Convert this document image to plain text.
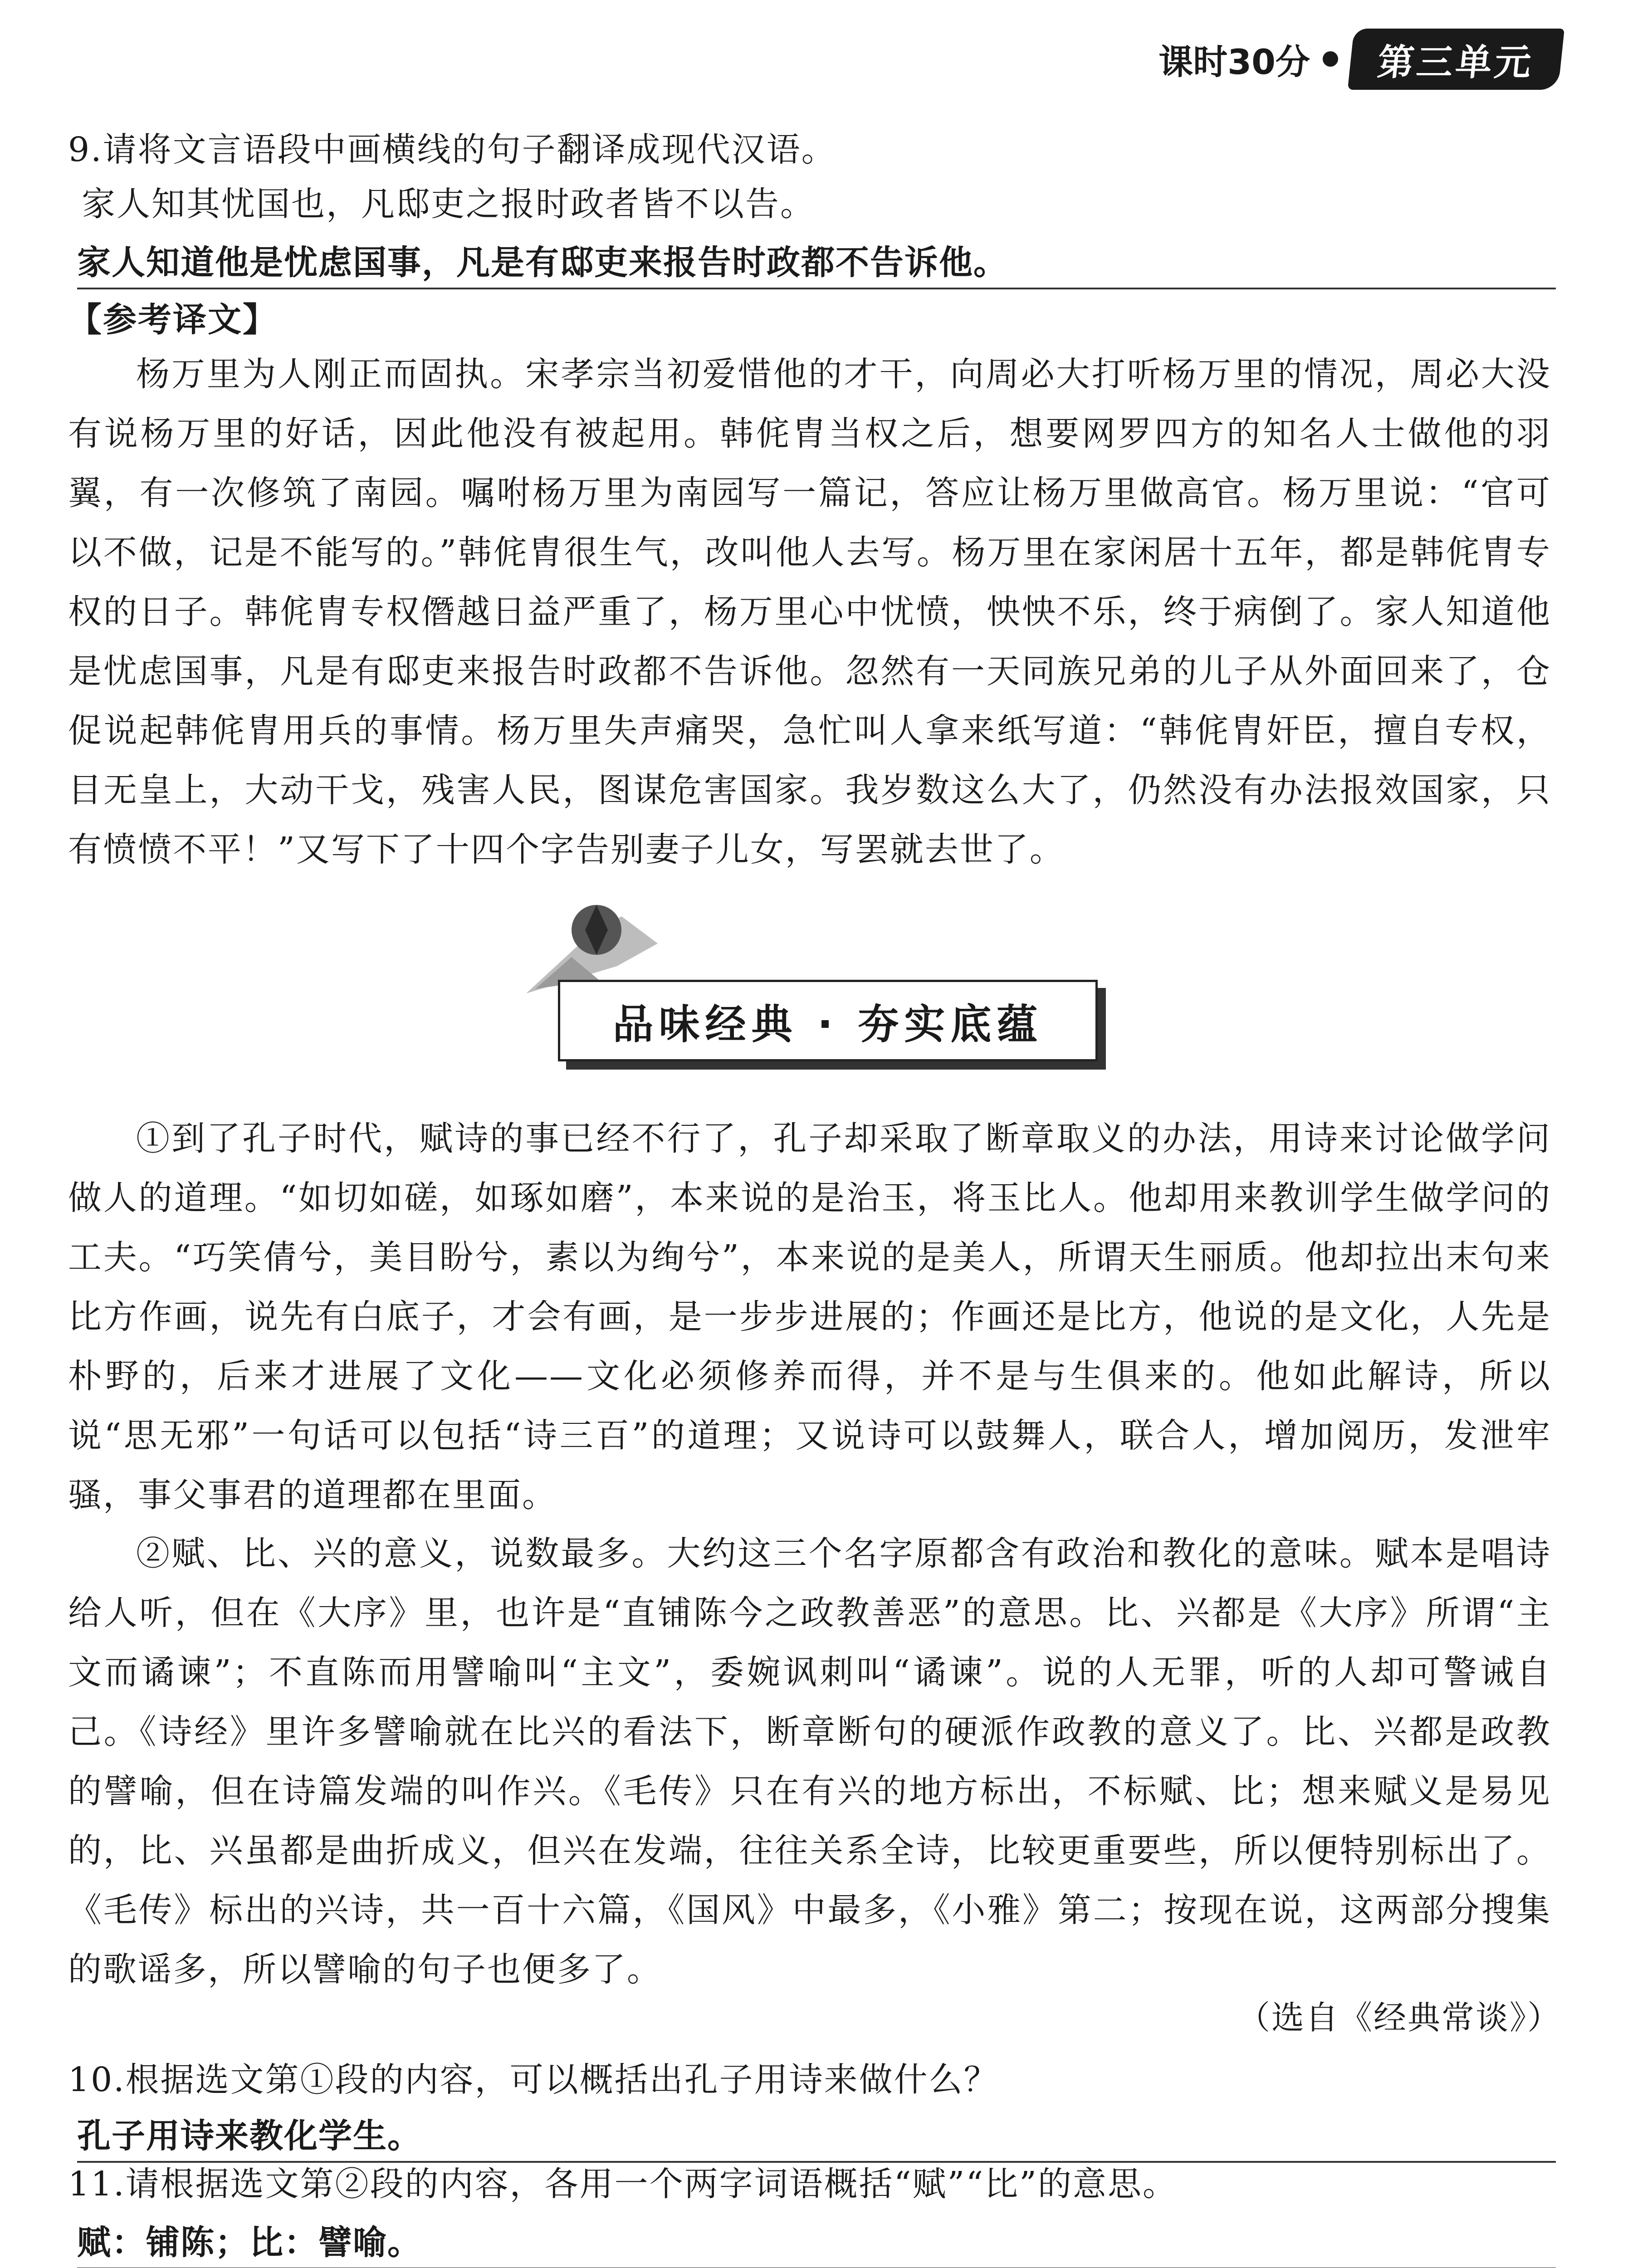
课时30分	第三单元
9.请将文言语段中画横线的句子翻译成现代汉语。
家人知其忧国也，凡邸吏之报时政者皆不以告。
家人知道他是忧虑国事，凡是有邸吏来报告时政都不告诉他。
【参考译文】

杨万里为人刚正而固执。宋孝宗当初爱惜他的才干，向周必大打听杨万里的情况，周必大没有说杨万里的好话，因此他没有被起用。韩侂胄当权之后，想要网罗四方的知名人士做他的羽翼，有一次修筑了南园。嘱咐杨万里为南园写一篇记，答应让杨万里做高官。杨万里说：“官可以不做，记是不能写的。”韩侂胄很生气，改叫他人去写。杨万里在家闲居十五年，都是韩侂胄专权的日子。韩侂胄专权僭越日益严重了，杨万里心中忧愤，怏怏不乐，终于病倒了。家人知道他是忧虑国事，凡是有邸吏来报告时政都不告诉他。忽然有一天同族兄弟的儿子从外面回来了，仓促说起韩侂胄用兵的事情。杨万里失声痛哭，急忙叫人拿来纸写道：“韩侂胄奸臣，擅自专权，目无皇上，大动干戈，残害人民，图谋危害国家。我岁数这么大了，仍然没有办法报效国家，只有愤愤不平！”又写下了十四个字告别妻子儿女，写罢就去世了。

品味经典 · 夯实底蕴

①到了孔子时代，赋诗的事已经不行了，孔子却采取了断章取义的办法，用诗来讨论做学问做人的道理。“如切如磋，如琢如磨”，本来说的是治玉，将玉比人。他却用来教训学生做学问的工夫。“巧笑倩兮，美目盼兮，素以为绚兮”，本来说的是美人，所谓天生丽质。他却拉出末句来比方作画，说先有白底子，才会有画，是一步步进展的；作画还是比方，他说的是文化，人先是朴野的，后来才进展了文化——文化必须修养而得，并不是与生俱来的。他如此解诗，所以说“思无邪”一句话可以包括“诗三百”的道理；又说诗可以鼓舞人，联合人，增加阅历，发泄牢骚，事父事君的道理都在里面。

②赋、比、兴的意义，说数最多。大约这三个名字原都含有政治和教化的意味。赋本是唱诗给人听，但在《大序》里，也许是“直铺陈今之政教善恶”的意思。比、兴都是《大序》所谓“主文而谲谏”；不直陈而用譬喻叫“主文”，委婉讽刺叫“谲谏”。说的人无罪，听的人却可警诫自己。《诗经》里许多譬喻就在比兴的看法下，断章断句的硬派作政教的意义了。比、兴都是政教的譬喻，但在诗篇发端的叫作兴。《毛传》只在有兴的地方标出，不标赋、比；想来赋义是易见的，比、兴虽都是曲折成义，但兴在发端，往往关系全诗，比较更重要些，所以便特别标出了。《毛传》标出的兴诗，共一百十六篇，《国风》中最多，《小雅》第二；按现在说，这两部分搜集的歌谣多，所以譬喻的句子也便多了。

（选自《经典常谈》）
10.根据选文第①段的内容，可以概括出孔子用诗来做什么？
孔子用诗来教化学生。
11.请根据选文第②段的内容，各用一个两字词语概括“赋”“比”的意思。
赋：铺陈；比：譬喻。
